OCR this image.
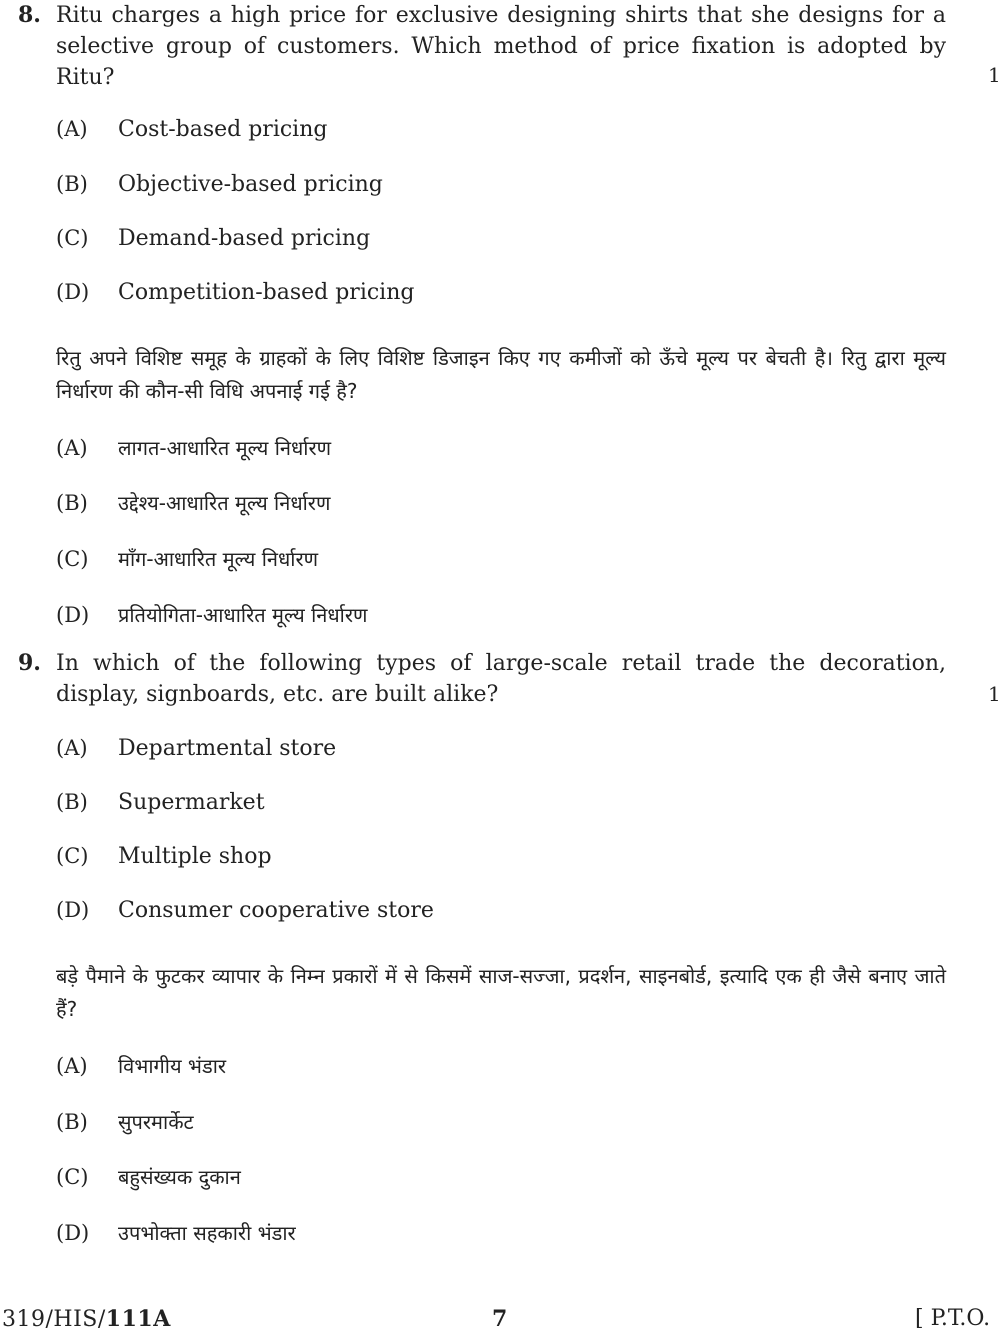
8. Ritu charges a high price for exclusive designing shirts that she designs for a selective group of customers. Which method of price fixation is adopted by Ritu?	1
(A) Cost-based pricing
(B) Objective-based pricing
(C) Demand-based pricing
(D) Competition-based pricing

रितु अपने विशिष्ट समूह के ग्राहकों के लिए विशिष्ट डिजाइन किए गए कमीजों को ऊँचे मूल्य पर बेचती है। रितु द्वारा मूल्य निर्धारण की कौन-सी विधि अपनाई गई है?

(A) लागत-आधारित मूल्य निर्धारण
(B) उद्देश्य-आधारित मूल्य निर्धारण
(C) माँग-आधारित मूल्य निर्धारण
(D) प्रतियोगिता-आधारित मूल्य निर्धारण
9. In which of the following types of large-scale retail trade the decoration, display, signboards, etc. are built alike?	1
(A) Departmental store
(B) Supermarket
(C) Multiple shop
(D) Consumer cooperative store

बड़े पैमाने के फुटकर व्यापार के निम्न प्रकारों में से किसमें साज-सज्जा, प्रदर्शन, साइनबोर्ड, इत्यादि एक ही जैसे बनाए जाते हैं?

(A) विभागीय भंडार
(B) सुपरमार्केट
(C) बहुसंख्यक दुकान
(D) उपभोक्ता सहकारी भंडार
319/HIS/111A	7	[ P.T.O.
